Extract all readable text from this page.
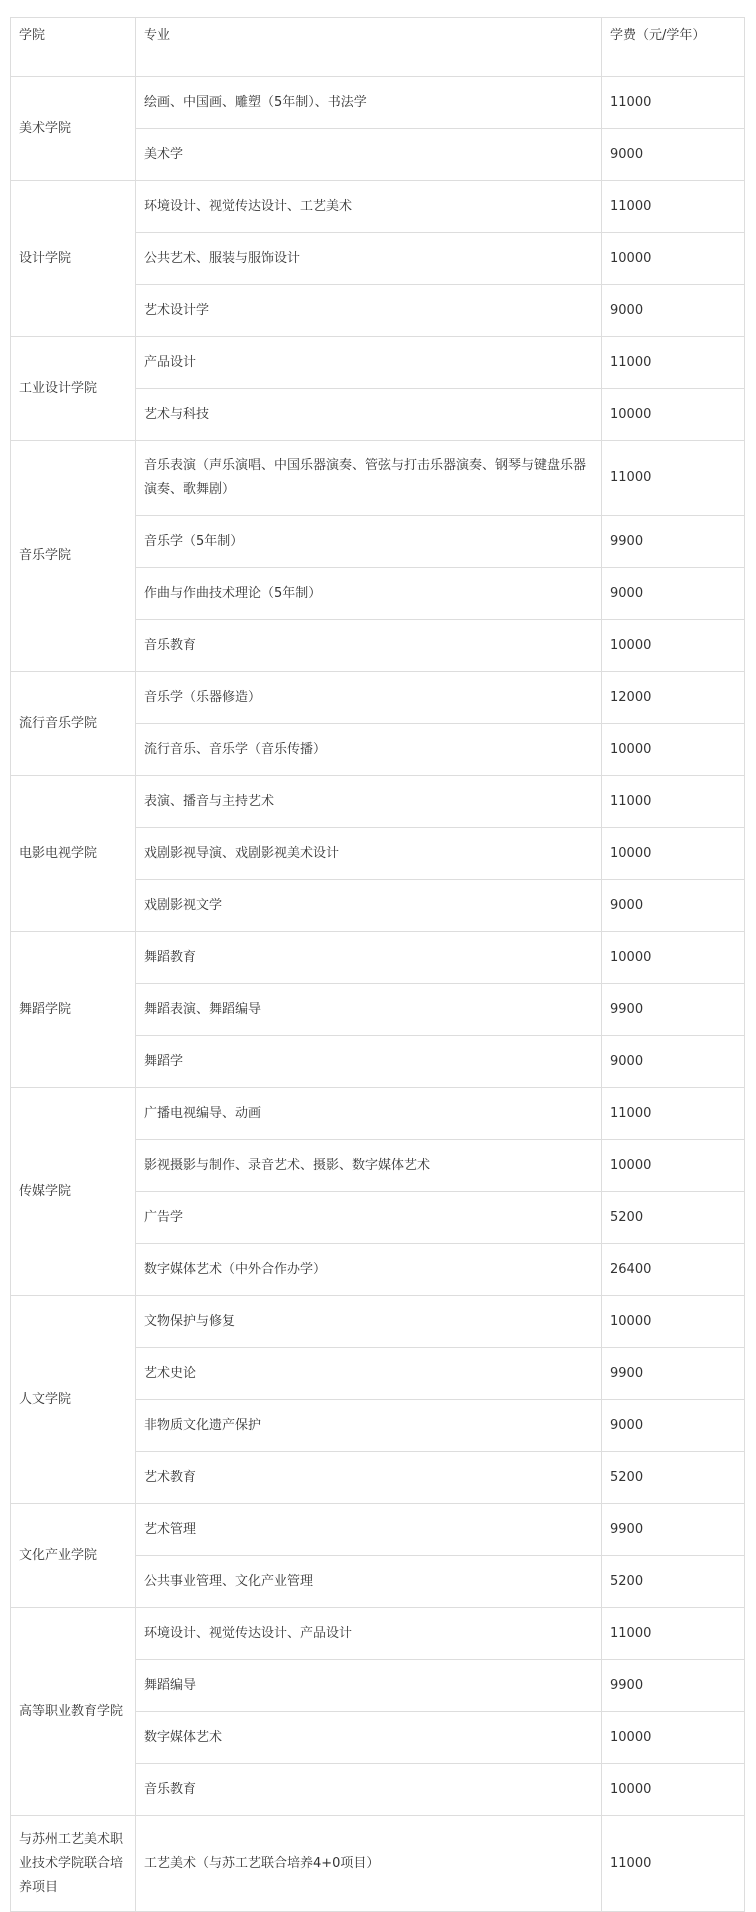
学院	专业	学费（元/学年）
美术学院	绘画、中国画、雕塑（5年制）、书法学	11000
	美术学	9000
设计学院	环境设计、视觉传达设计、工艺美术	11000
	公共艺术、服装与服饰设计	10000
	艺术设计学	9000
工业设计学院	产品设计	11000
	艺术与科技	10000
音乐学院	音乐表演（声乐演唱、中国乐器演奏、管弦与打击乐器演奏、钢琴与键盘乐器演奏、歌舞剧）	11000
	音乐学（5年制）	9900
	作曲与作曲技术理论（5年制）	9000
	音乐教育	10000
流行音乐学院	音乐学（乐器修造）	12000
	流行音乐、音乐学（音乐传播）	10000
电影电视学院	表演、播音与主持艺术	11000
	戏剧影视导演、戏剧影视美术设计	10000
	戏剧影视文学	9000
舞蹈学院	舞蹈教育	10000
	舞蹈表演、舞蹈编导	9900
	舞蹈学	9000
传媒学院	广播电视编导、动画	11000
	影视摄影与制作、录音艺术、摄影、数字媒体艺术	10000
	广告学	5200
	数字媒体艺术（中外合作办学）	26400
人文学院	文物保护与修复	10000
	艺术史论	9900
	非物质文化遗产保护	9000
	艺术教育	5200
文化产业学院	艺术管理	9900
	公共事业管理、文化产业管理	5200
高等职业教育学院	环境设计、视觉传达设计、产品设计	11000
	舞蹈编导	9900
	数字媒体艺术	10000
	音乐教育	10000
与苏州工艺美术职业技术学院联合培养项目	工艺美术（与苏工艺联合培养4+0项目）	11000
